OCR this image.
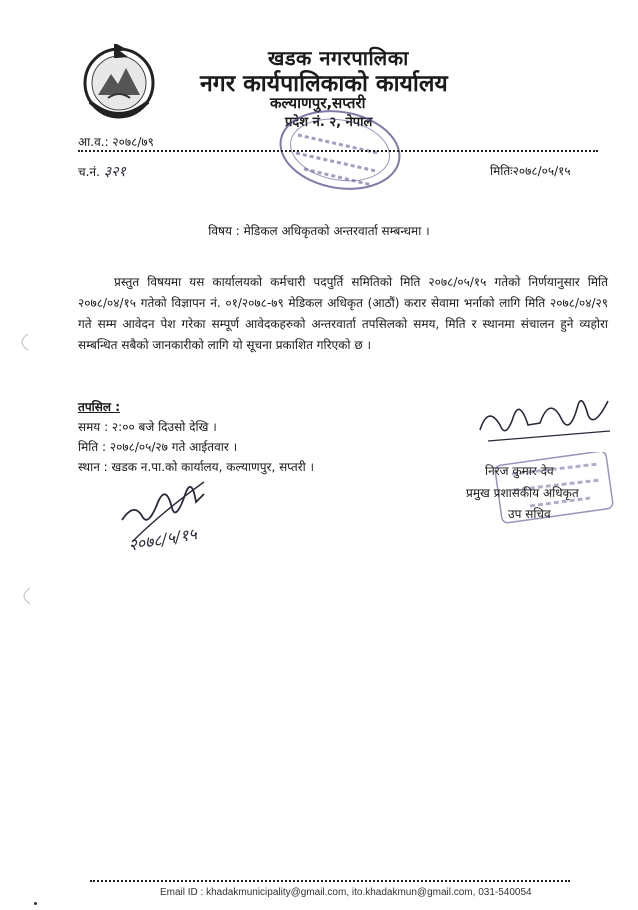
खडक नगरपालिका
नगर कार्यपालिकाको कार्यालय
कल्याणपुर,सप्तरी
प्रदेश नं. २, नेपाल
आ.व.: २०७८/७९
च.नं. ३२१	मितिः२०७८/०५/१५
विषय : मेडिकल अधिकृतको अन्तरवार्ता सम्बन्धमा ।

प्रस्तुत विषयमा यस कार्यालयको कर्मचारी पदपुर्ति समितिको मिति २०७८/०५/१५ गतेको निर्णयानुसार मिति २०७८/०४/१५ गतेको विज्ञापन नं. ०१/२०७८-७९ मेडिकल अधिकृत (आठौं) करार सेवामा भर्नाको लागि मिति २०७८/०४/२९ गते सम्म आवेदन पेश गरेका सम्पूर्ण आवेदकहरुको अन्तरवार्ता तपसिलको समय, मिति र स्थानमा संचालन हुने व्यहोरा सम्बन्धित सबैको जानकारीको लागि यो सूचना प्रकाशित गरिएको छ ।

तपसिल :
समय : २:०० बजे दिउसो देखि ।
मिति : २०७८/०५/२७ गते आईतवार ।
स्थान : खडक न.पा.को कार्यालय, कल्याणपुर, सप्तरी ।	निरज कुमार देव
प्रमुख प्रशासकीय अधिकृत
उप सचिव
२०७८/५/१५
Email ID : khadakmunicipality@gmail.com, ito.khadakmun@gmail.com, 031-540054
